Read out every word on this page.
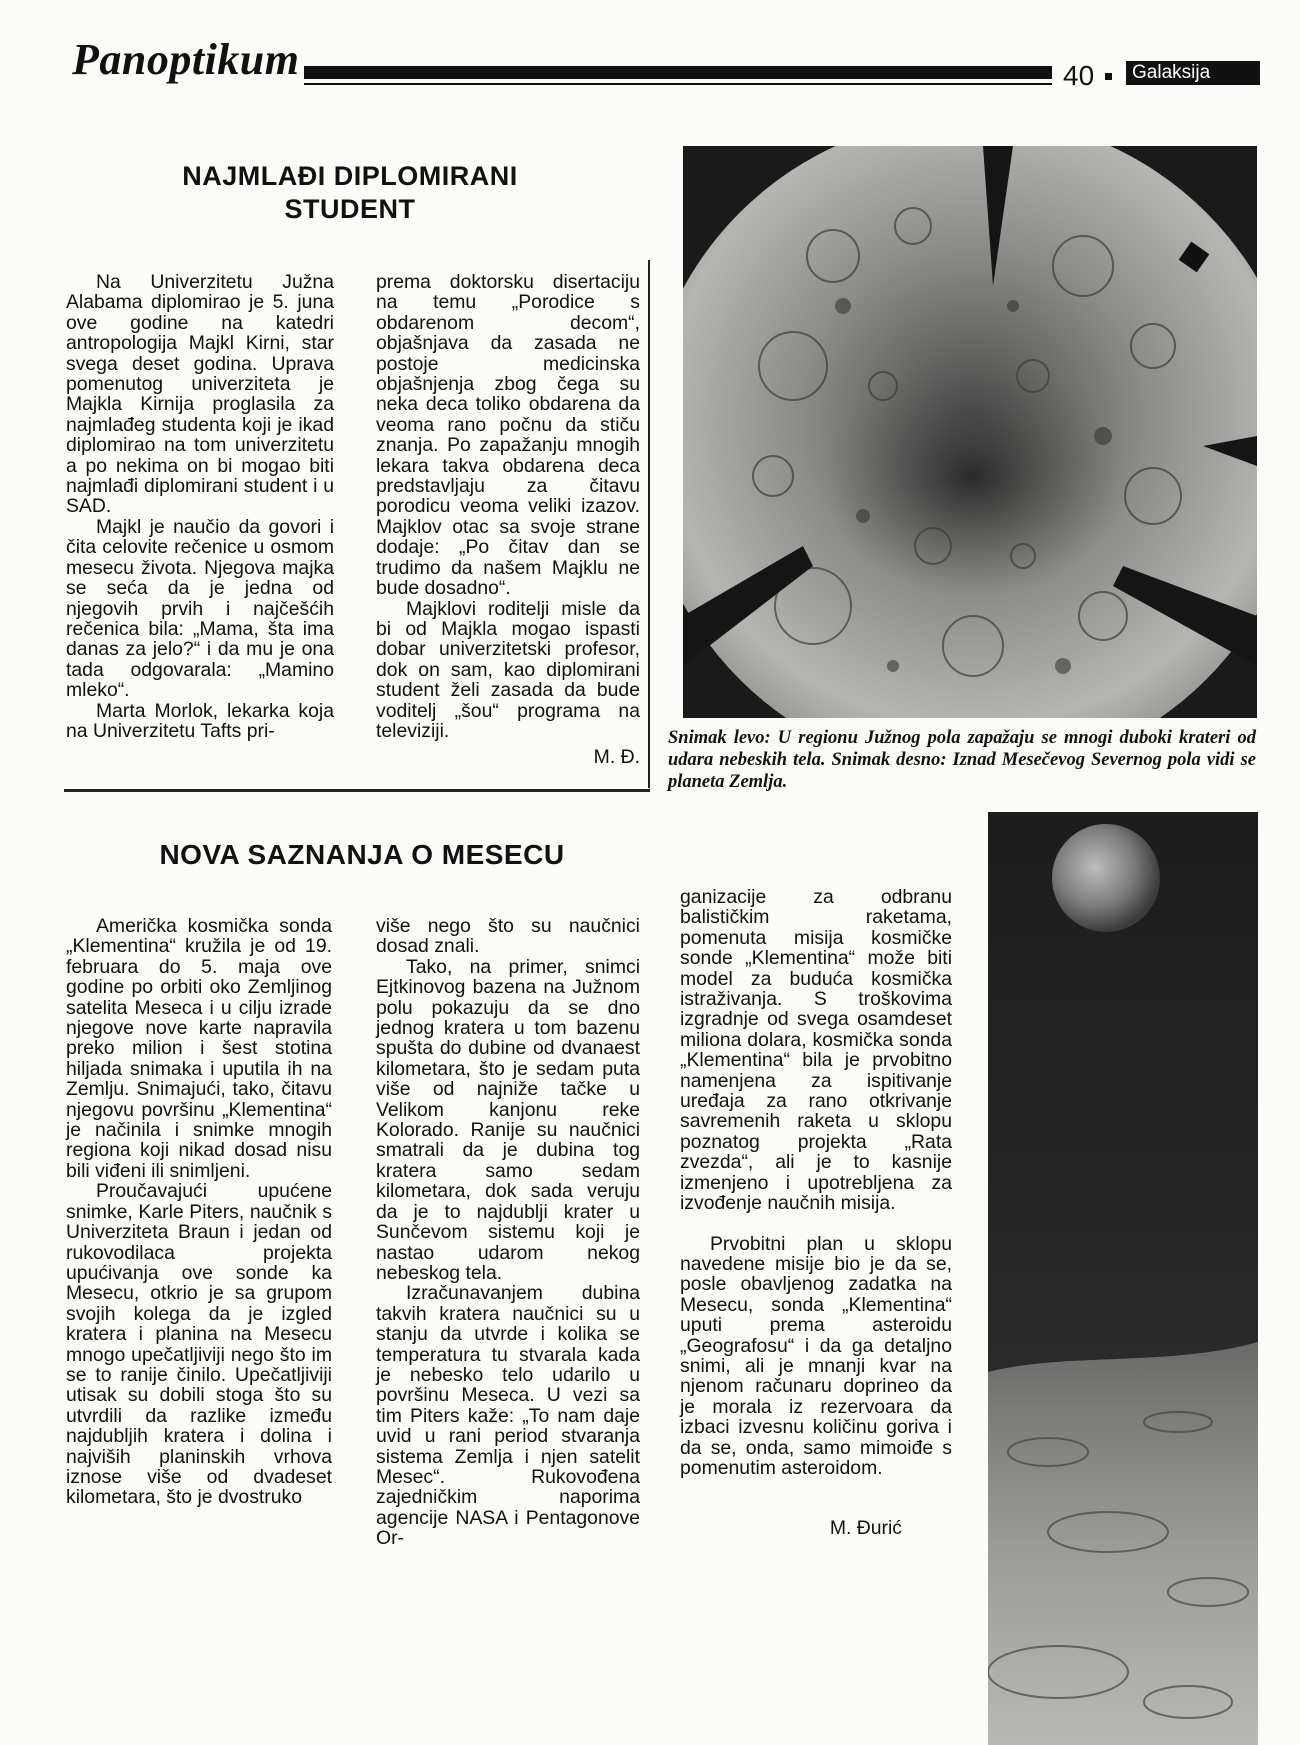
Panoptikum	40	Galaksija
NAJMLAĐI DIPLOMIRANI
STUDENT

Na Univerzitetu Južna Alabama diplomirao je 5. juna ove godine na katedri antropologija Majkl Kirni, star svega deset godina. Uprava pomenutog univerziteta je Majkla Kirnija proglasila za najmlađeg studenta koji je ikad diplomirao na tom univerzitetu a po nekima on bi mogao biti najmlađi diplomirani student i u SAD.

Majkl je naučio da govori i čita celovite rečenice u osmom mesecu života. Njegova majka se seća da je jedna od njegovih prvih i najčešćih rečenica bila: „Mama, šta ima danas za jelo?“ i da mu je ona tada odgovarala: „Mamino mleko“.

Marta Morlok, lekarka koja na Univerzitetu Tafts pri-

prema doktorsku disertaciju na temu „Porodice s obdarenom decom“, objašnjava da zasada ne postoje medicinska objašnjenja zbog čega su neka deca toliko obdarena da veoma rano počnu da stiču znanja. Po zapažanju mnogih lekara takva obdarena deca predstavljaju za čitavu porodicu veoma veliki izazov. Majklov otac sa svoje strane dodaje: „Po čitav dan se trudimo da našem Majklu ne bude dosadno“.

Majklovi roditelji misle da bi od Majkla mogao ispasti dobar univerzitetski profesor, dok on sam, kao diplomirani student želi zasada da bude voditelj „šou“ programa na televiziji.

M. Đ.

Snimak levo: U regionu Južnog pola zapažaju se mnogi duboki krateri od udara nebeskih tela. Snimak desno: Iznad Mesečevog Severnog pola vidi se planeta Zemlja.
NOVA SAZNANJA O MESECU

Američka kosmička sonda „Klementina“ kružila je od 19. februara do 5. maja ove godine po orbiti oko Zemljinog satelita Meseca i u cilju izrade njegove nove karte napravila preko milion i šest stotina hiljada snimaka i uputila ih na Zemlju. Snimajući, tako, čitavu njegovu površinu „Klementina“ je načinila i snimke mnogih regiona koji nikad dosad nisu bili viđeni ili snimljeni.

Proučavajući upućene snimke, Karle Piters, naučnik s Univerziteta Braun i jedan od rukovodilaca projekta upućivanja ove sonde ka Mesecu, otkrio je sa grupom svojih kolega da je izgled kratera i planina na Mesecu mnogo upečatljiviji nego što im se to ranije činilo. Upečatljiviji utisak su dobili stoga što su utvrdili da razlike između najdubljih kratera i dolina i najviših planinskih vrhova iznose više od dvadeset kilometara, što je dvostruko

više nego što su naučnici dosad znali.

Tako, na primer, snimci Ejtkinovog bazena na Južnom polu pokazuju da se dno jednog kratera u tom bazenu spušta do dubine od dvanaest kilometara, što je sedam puta više od najniže tačke u Velikom kanjonu reke Kolorado. Ranije su naučnici smatrali da je dubina tog kratera samo sedam kilometara, dok sada veruju da je to najdublji krater u Sunčevom sistemu koji je nastao udarom nekog nebeskog tela.

Izračunavanjem dubina takvih kratera naučnici su u stanju da utvrde i kolika se temperatura tu stvarala kada je nebesko telo udarilo u površinu Meseca. U vezi sa tim Piters kaže: „To nam daje uvid u rani period stvaranja sistema Zemlja i njen satelit Mesec“. Rukovođena zajedničkim naporima agencije NASA i Pentagonove Or-

ganizacije za odbranu balističkim raketama, pomenuta misija kosmičke sonde „Klementina“ može biti model za buduća kosmička istraživanja. S troškovima izgradnje od svega osamdeset miliona dolara, kosmička sonda „Klementina“ bila je prvobitno namenjena za ispitivanje uređaja za rano otkrivanje savremenih raketa u sklopu poznatog projekta „Rata zvezda“, ali je to kasnije izmenjeno i upotrebljena za izvođenje naučnih misija.

Prvobitni plan u sklopu navedene misije bio je da se, posle obavljenog zadatka na Mesecu, sonda „Klementina“ uputi prema asteroidu „Geografosu“ i da ga detaljno snimi, ali je mnanji kvar na njenom računaru doprineo da je morala iz rezervoara da izbaci izvesnu količinu goriva i da se, onda, samo mimoiđe s pomenutim asteroidom.

M. Đurić
